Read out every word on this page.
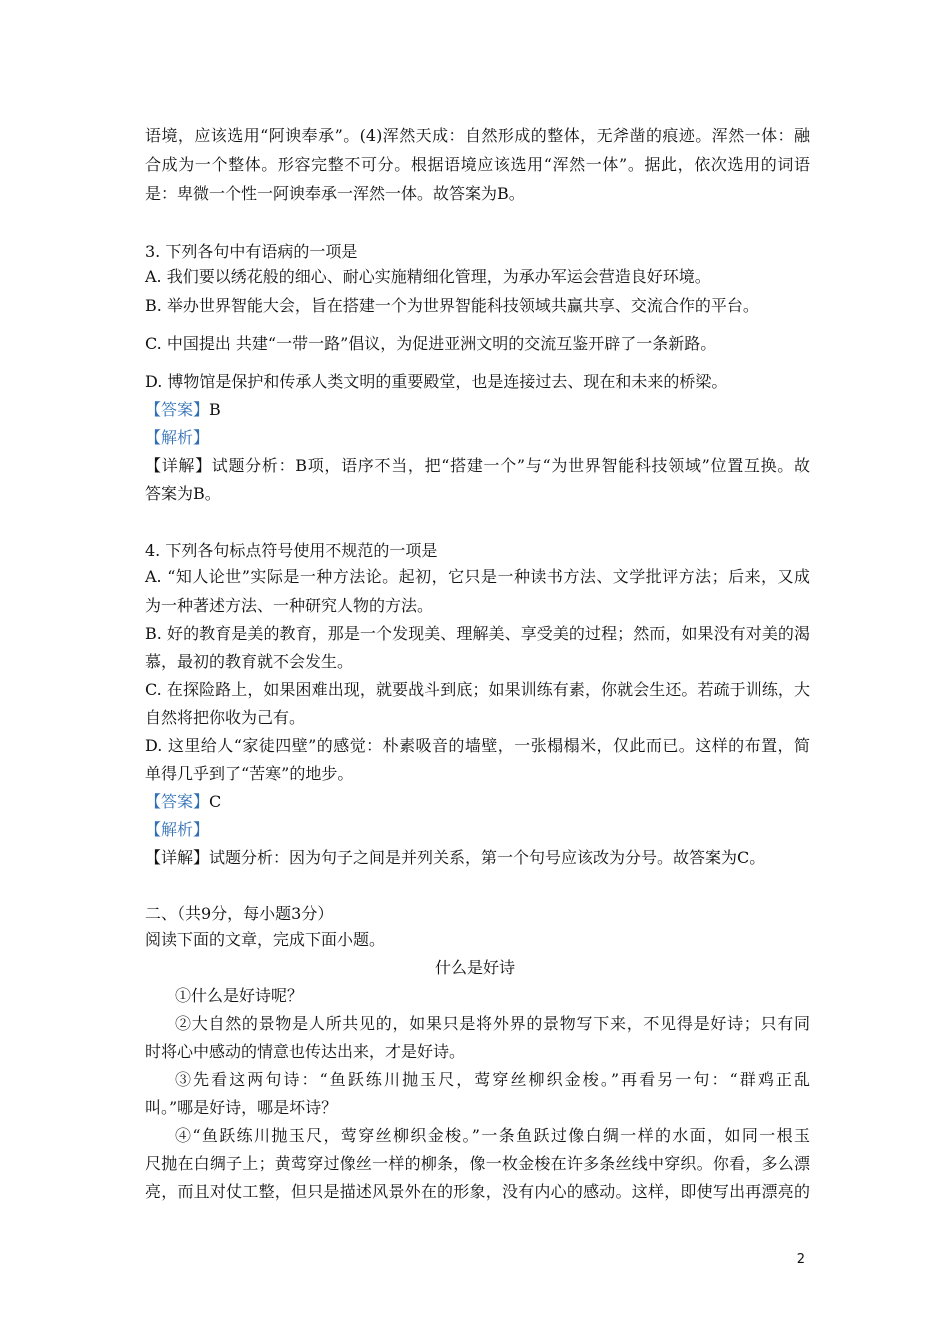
语境，应该选用“阿谀奉承”。(4)浑然天成：自然形成的整体，无斧凿的痕迹。浑然一体：融
合成为一个整体。形容完整不可分。根据语境应该选用“浑然一体”。据此，依次选用的词语
是：卑微一个性一阿谀奉承一浑然一体。故答案为B。
3. 下列各句中有语病的一项是
A. 我们要以绣花般的细心、耐心实施精细化管理，为承办军运会营造良好环境。
B. 举办世界智能大会，旨在搭建一个为世界智能科技领域共赢共享、交流合作的平台。
C. 中国提出 共建“一带一路”倡议，为促进亚洲文明的交流互鉴开辟了一条新路。
D. 博物馆是保护和传承人类文明的重要殿堂，也是连接过去、现在和未来的桥梁。
【答案】B
【解析】
【详解】试题分析：B项，语序不当，把“搭建一个”与“为世界智能科技领域”位置互换。故
答案为B。
4. 下列各句标点符号使用不规范的一项是
A. “知人论世”实际是一种方法论。起初，它只是一种读书方法、文学批评方法；后来，又成
为一种著述方法、一种研究人物的方法。
B. 好的教育是美的教育，那是一个发现美、理解美、享受美的过程；然而，如果没有对美的渴
慕，最初的教育就不会发生。
C. 在探险路上，如果困难出现，就要战斗到底；如果训练有素，你就会生还。若疏于训练，大
自然将把你收为己有。
D. 这里给人“家徒四壁”的感觉：朴素吸音的墙壁，一张榻榻米，仅此而已。这样的布置，简
单得几乎到了“苦寒”的地步。
【答案】C
【解析】
【详解】试题分析：因为句子之间是并列关系，第一个句号应该改为分号。故答案为C。
二、（共9分，每小题3分）
阅读下面的文章，完成下面小题。
什么是好诗
①什么是好诗呢？
②大自然的景物是人所共见的，如果只是将外界的景物写下来，不见得是好诗；只有同
时将心中感动的情意也传达出来，才是好诗。
③先看这两句诗：“鱼跃练川抛玉尺，莺穿丝柳织金梭。”再看另一句：“群鸡正乱
叫。”哪是好诗，哪是坏诗？
④“鱼跃练川抛玉尺，莺穿丝柳织金梭。”一条鱼跃过像白绸一样的水面，如同一根玉
尺抛在白绸子上；黄莺穿过像丝一样的柳条，像一枚金梭在许多条丝线中穿织。你看，多么漂
亮，而且对仗工整，但只是描述风景外在的形象，没有内心的感动。这样，即使写出再漂亮的
2
